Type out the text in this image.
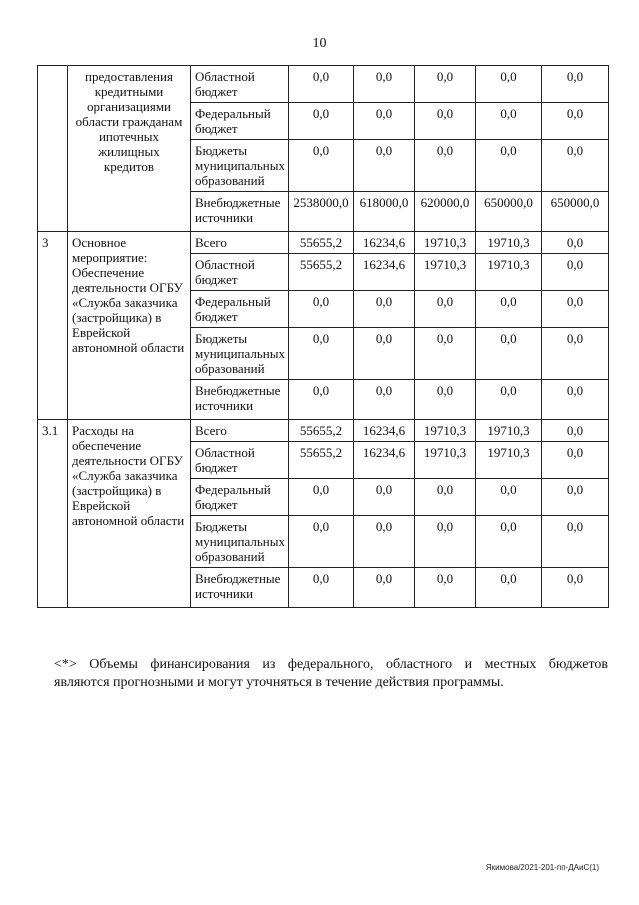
10
	предоставления кредитными организациями области гражданам ипотечных жилищных кредитов	Областной бюджет	0,0	0,0	0,0	0,0	0,0
		Федеральный бюджет	0,0	0,0	0,0	0,0	0,0
		Бюджеты муниципальных образований	0,0	0,0	0,0	0,0	0,0
		Внебюджетные источники	2538000,0	618000,0	620000,0	650000,0	650000,0
3	Основное мероприятие: Обеспечение деятельности ОГБУ «Служба заказчика (застройщика) в Еврейской автономной области	Всего	55655,2	16234,6	19710,3	19710,3	0,0
		Областной бюджет	55655,2	16234,6	19710,3	19710,3	0,0
		Федеральный бюджет	0,0	0,0	0,0	0,0	0,0
		Бюджеты муниципальных образований	0,0	0,0	0,0	0,0	0,0
		Внебюджетные источники	0,0	0,0	0,0	0,0	0,0
3.1	Расходы на обеспечение деятельности ОГБУ «Служба заказчика (застройщика) в Еврейской автономной области	Всего	55655,2	16234,6	19710,3	19710,3	0,0
		Областной бюджет	55655,2	16234,6	19710,3	19710,3	0,0
		Федеральный бюджет	0,0	0,0	0,0	0,0	0,0
		Бюджеты муниципальных образований	0,0	0,0	0,0	0,0	0,0
		Внебюджетные источники	0,0	0,0	0,0	0,0	0,0
<*> Объемы финансирования из федерального, областного и местных бюджетов
являются прогнозными и могут уточняться в течение действия программы.
Якимова/2021-201-пп-ДАиС(1)
